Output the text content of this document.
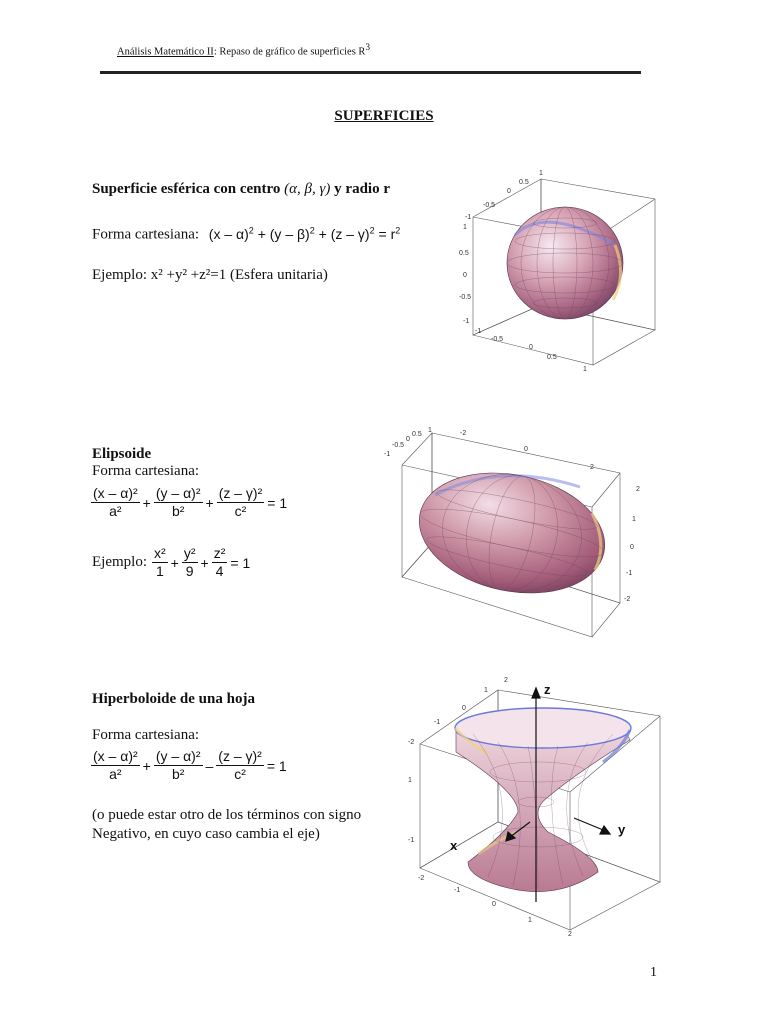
Análisis Matemático II: Repaso de gráfico de superficies $R^3$
SUPERFICIES
Superficie esférica con centro (α, β, γ) y radio r
Forma cartesiana: $(x - \alpha)^2 + (y - \beta)^2 + (z - \gamma)^2 = r^2$
Ejemplo: x² +y² +z²=1 (Esfera unitaria)
1
0.5
0
-0.5
-1
1
0.5
0
-0.5
-1
-1
-0.5
0
0.5
1
Elipsoide
Forma cartesiana:
$\frac{\text{(x – α)²}}{\text{a²}} + \frac{\text{(y – α)²}}{\text{b²}} + \frac{\text{(z – γ)²}}{\text{c²}} = 1$
Ejemplo: $\frac{\text{x²}}{1} + \frac{\text{y²}}{9} + \frac{\text{z²}}{4} = 1$
1
0.5
0
-0.5
-1
-2
0
2
2
1
0
-1
-2
Hiperboloide de una hoja
Forma cartesiana:
$\frac{\text{(x – α)²}}{\text{a²}} + \frac{\text{(y – α)²}}{\text{b²}} - \frac{\text{(z – γ)²}}{\text{c²}} = 1$
(o puede estar otro de los términos con signo
Negativo, en cuyo caso cambia el eje)
z
y
x
2
1
0
-1
-2
1
-1
-2
-1
0
1
2
1
